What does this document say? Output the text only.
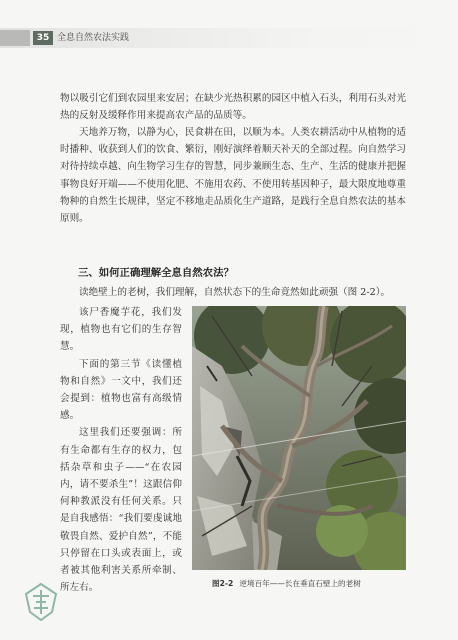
35 全息自然农法实践

物以吸引它们到农园里来安居；在缺少光热积累的园区中植入石头，利用石头对光热的反射及缓释作用来提高农产品的品质等。

天地养万物，以静为心，民食耕在田，以顺为本。人类农耕活动中从植物的适时播种、收获到人们的饮食、繁衍，刚好演绎着顺天补天的全部过程。向自然学习对待持续卓越、向生物学习生存的智慧，同步兼顾生态、生产、生活的健康并把握事物良好开端——不使用化肥、不施用农药、不使用转基因种子，最大限度地尊重物种的自然生长规律，坚定不移地走品质化生产道路，是践行全息自然农法的基本原则。

三、如何正确理解全息自然农法？

读绝壁上的老树，我们理解，自然状态下的生命竟然如此顽强（图 2-2）。

该尸香魔芋花，我们发现，植物也有它们的生存智慧。

下面的第三节《读懂植物和自然》一文中，我们还会提到：植物也富有高级情感。

这里我们还要强调：所有生命都有生存的权力，包括杂草和虫子——“在农园内，请不要杀生”！这跟信仰何种教派没有任何关系。只是自我感悟：“我们要虔诚地敬畏自然、爱护自然”，不能只停留在口头或表面上，或者被其他利害关系所牵制、所左右。	图2-2 逆境百年——长在垂直石壁上的老树
